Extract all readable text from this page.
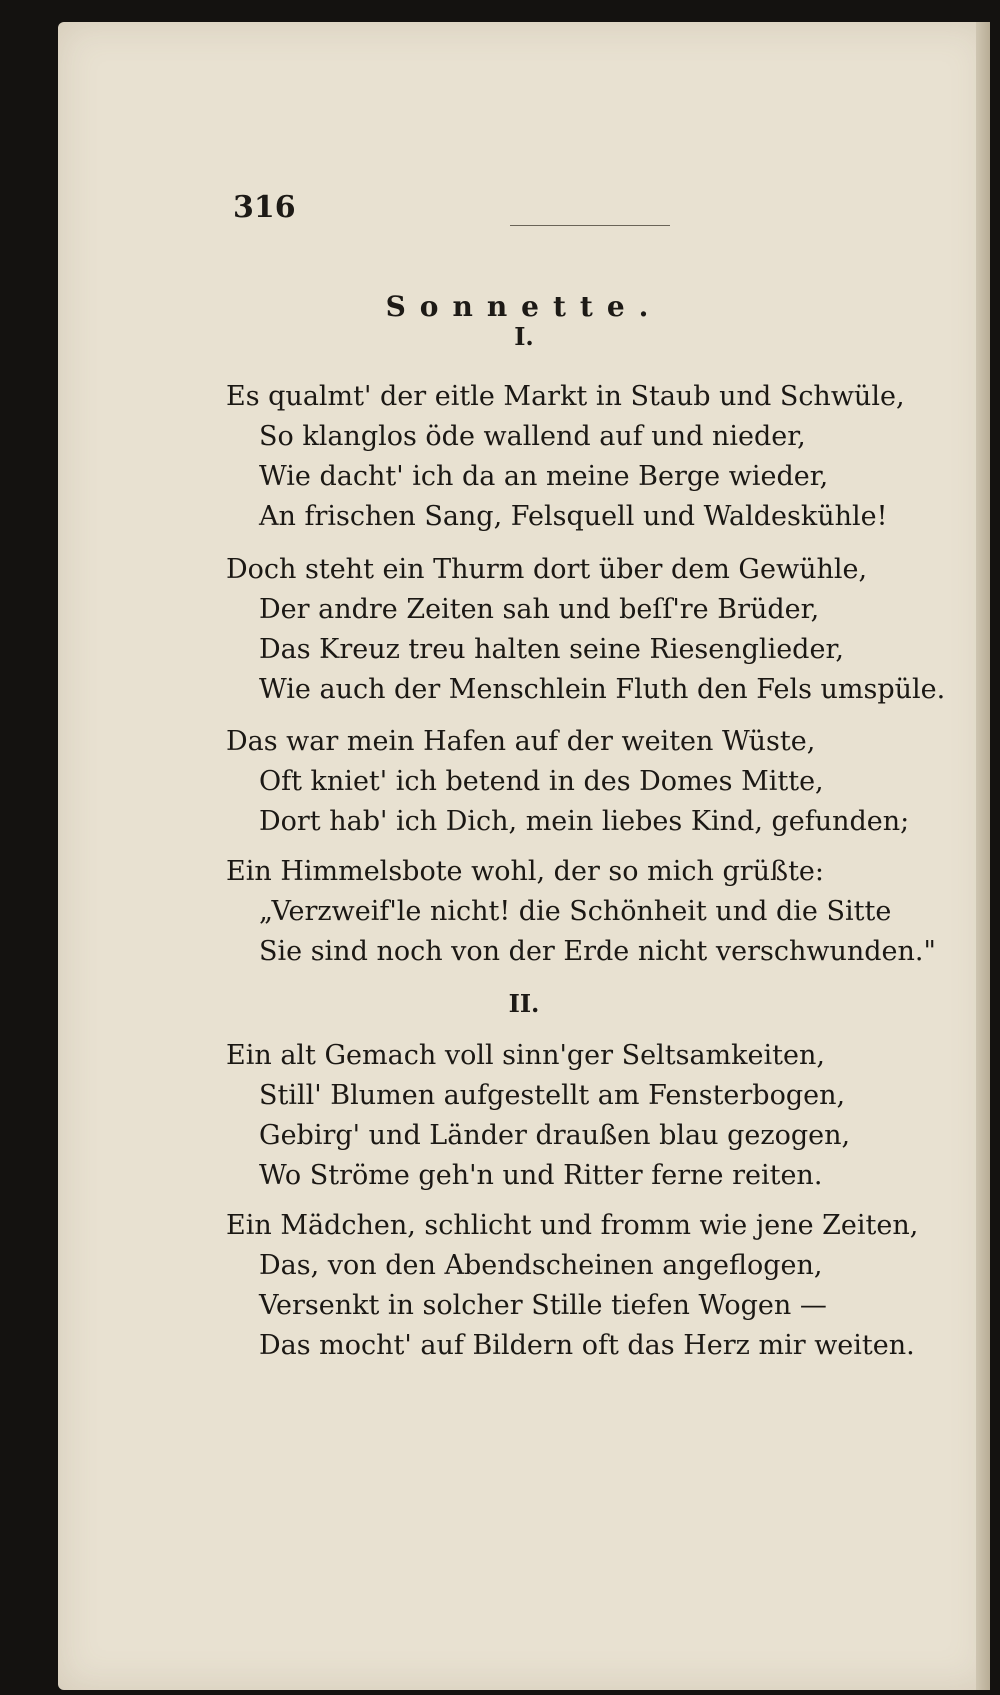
316
Sonnette.
I.
Es qualmt' der eitle Markt in Staub und Schwüle,
So klanglos öde wallend auf und nieder,
Wie dacht' ich da an meine Berge wieder,
An frischen Sang, Felsquell und Waldeskühle!
Doch steht ein Thurm dort über dem Gewühle,
Der andre Zeiten sah und beſſ're Brüder,
Das Kreuz treu halten seine Riesenglieder,
Wie auch der Menschlein Fluth den Fels umspüle.
Das war mein Hafen auf der weiten Wüste,
Oft kniet' ich betend in des Domes Mitte,
Dort hab' ich Dich, mein liebes Kind, gefunden;
Ein Himmelsbote wohl, der so mich grüßte:
„Verzweif'le nicht! die Schönheit und die Sitte
Sie sind noch von der Erde nicht verschwunden."
II.
Ein alt Gemach voll sinn'ger Seltsamkeiten,
Still' Blumen aufgestellt am Fensterbogen,
Gebirg' und Länder draußen blau gezogen,
Wo Ströme geh'n und Ritter ferne reiten.
Ein Mädchen, schlicht und fromm wie jene Zeiten,
Das, von den Abendscheinen angeflogen,
Versenkt in solcher Stille tiefen Wogen —
Das mocht' auf Bildern oft das Herz mir weiten.
